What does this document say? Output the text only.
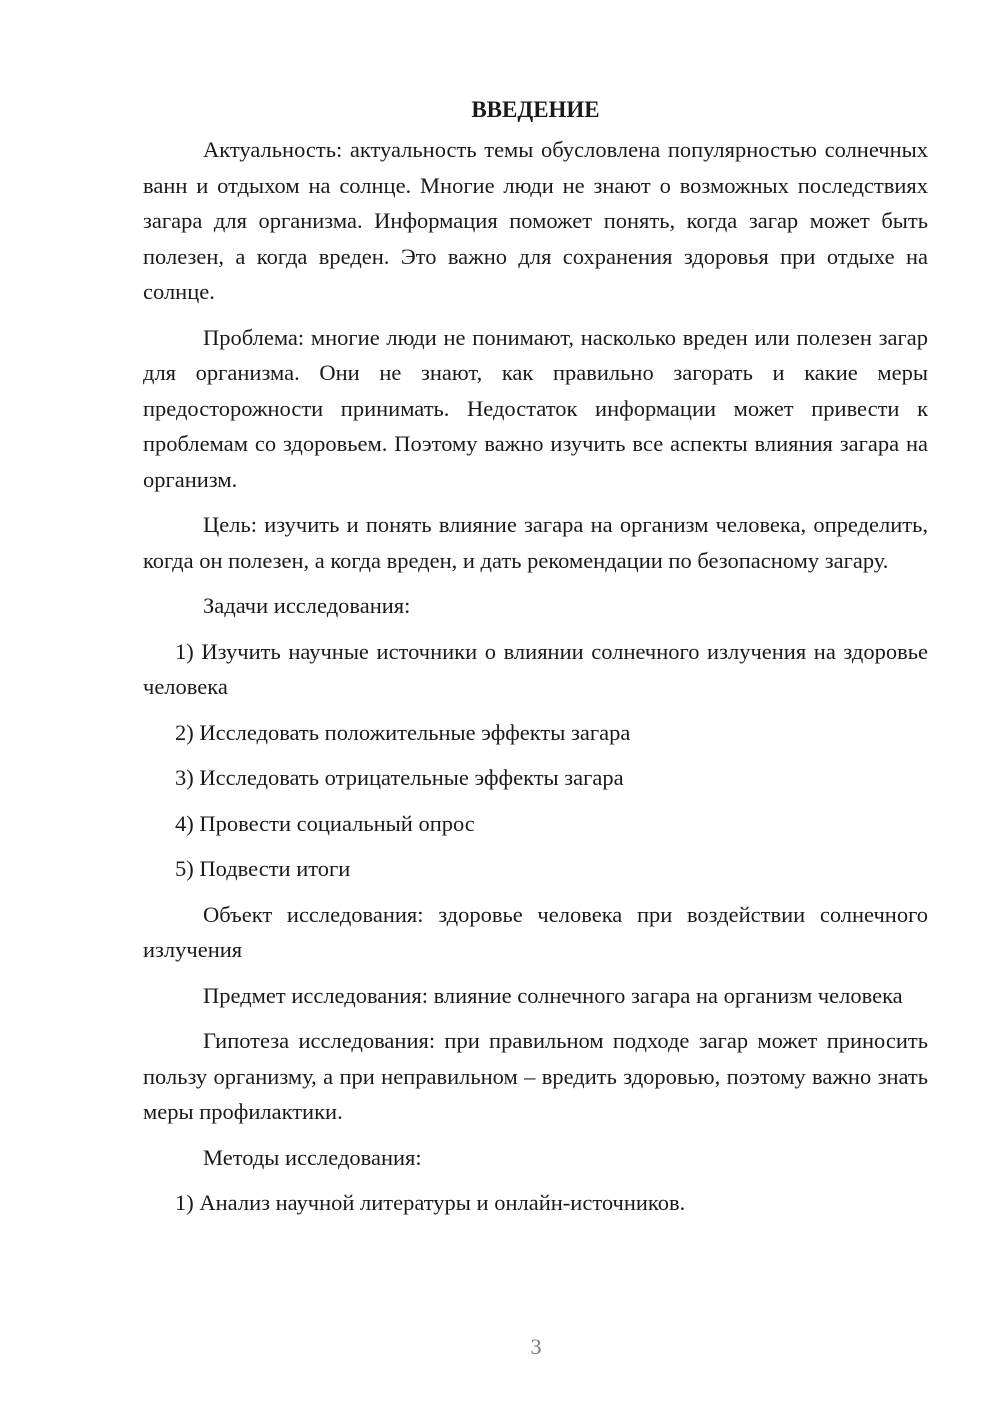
ВВЕДЕНИЕ

Актуальность: актуальность темы обусловлена популярностью солнечных ванн и отдыхом на солнце. Многие люди не знают о возможных последствиях загара для организма. Информация поможет понять, когда загар может быть полезен, а когда вреден. Это важно для сохранения здоровья при отдыхе на солнце.

Проблема: многие люди не понимают, насколько вреден или полезен загар для организма. Они не знают, как правильно загорать и какие меры предосторожности принимать. Недостаток информации может привести к проблемам со здоровьем. Поэтому важно изучить все аспекты влияния загара на организм.

Цель: изучить и понять влияние загара на организм человека, определить, когда он полезен, а когда вреден, и дать рекомендации по безопасному загару.

Задачи исследования:

1) Изучить научные источники о влиянии солнечного излучения на здоровье человека

2) Исследовать положительные эффекты загара

3) Исследовать отрицательные эффекты загара

4) Провести социальный опрос

5) Подвести итоги

Объект исследования: здоровье человека при воздействии солнечного излучения

Предмет исследования: влияние солнечного загара на организм человека

Гипотеза исследования: при правильном подходе загар может приносить пользу организму, а при неправильном – вредить здоровью, поэтому важно знать меры профилактики.

Методы исследования:

1) Анализ научной литературы и онлайн-источников.

3
